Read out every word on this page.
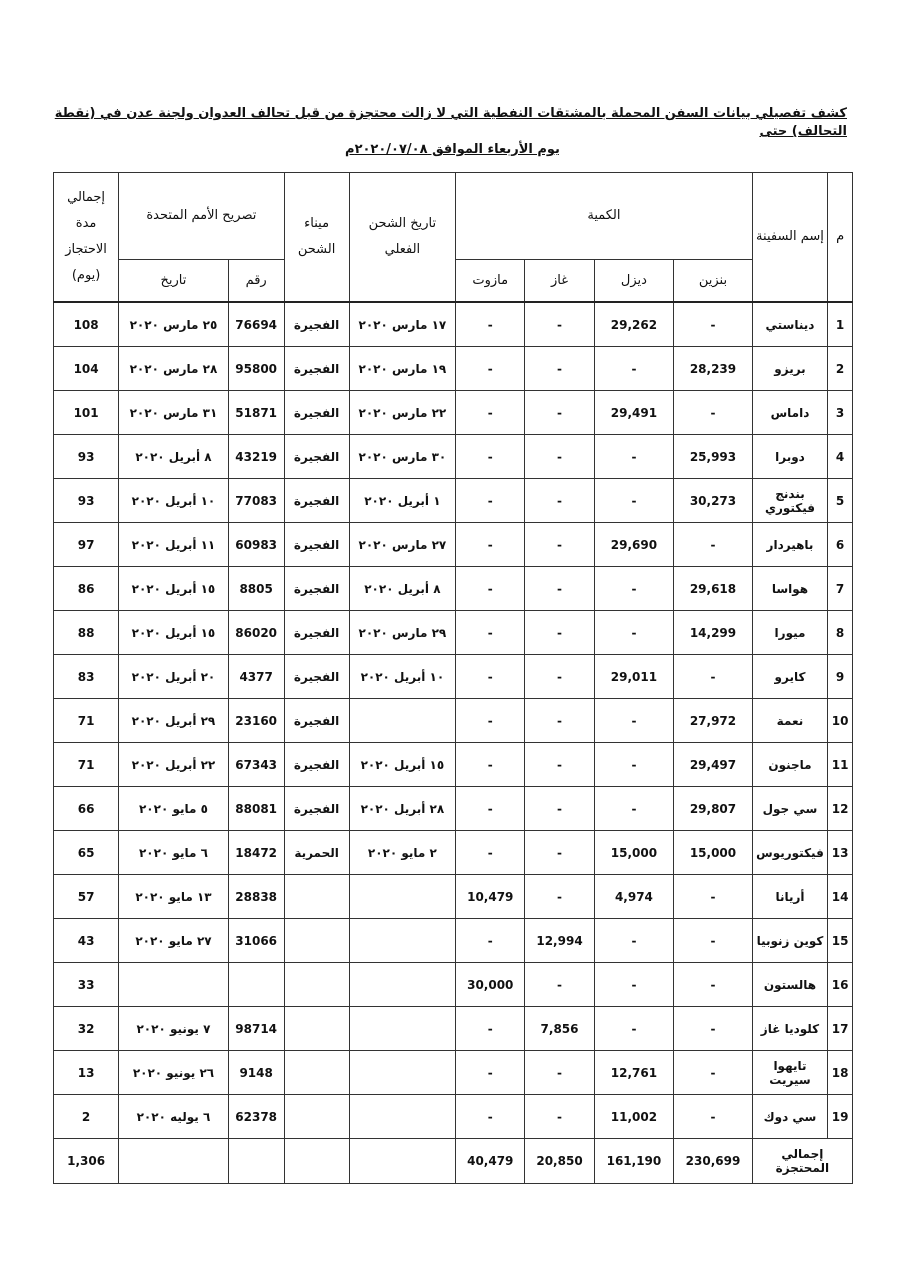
كشف تفصيلي بيانات السفن المحملة بالمشتقات النفطية التي لا زالت محتجزة من قبل تحالف العدوان ولجنة عدن في (نقطة التحالف) حتى
يوم الأربعاء الموافق ٢٠٢٠/٠٧/٠٨م
م	إسم السفينة	الكمية				تاريخ الشحن الفعلي	ميناء الشحن	تصريح الأمم المتحدة		إجمالي مدة الاحتجاز (يوم)

		بنزين	ديزل	غاز	مازوت			رقم	تاريخ	
1	ديناستي	-	29,262	-	-	١٧ مارس ٢٠٢٠	الفجيرة	76694	٢٥ مارس ٢٠٢٠	108
2	بريزو	28,239	-	-	-	١٩ مارس ٢٠٢٠	الفجيرة	95800	٢٨ مارس ٢٠٢٠	104
3	داماس	-	29,491	-	-	٢٢ مارس ٢٠٢٠	الفجيرة	51871	٣١ مارس ٢٠٢٠	101
4	دوبرا	25,993	-	-	-	٣٠ مارس ٢٠٢٠	الفجيرة	43219	٨ أبريل ٢٠٢٠	93
5	بندنج فيكتوري	30,273	-	-	-	١ أبريل ٢٠٢٠	الفجيرة	77083	١٠ أبريل ٢٠٢٠	93
6	باهيردار	-	29,690	-	-	٢٧ مارس ٢٠٢٠	الفجيرة	60983	١١ أبريل ٢٠٢٠	97
7	هواسا	29,618	-	-	-	٨ أبريل ٢٠٢٠	الفجيرة	8805	١٥ أبريل ٢٠٢٠	86
8	ميورا	14,299	-	-	-	٢٩ مارس ٢٠٢٠	الفجيرة	86020	١٥ أبريل ٢٠٢٠	88
9	كايرو	-	29,011	-	-	١٠ أبريل ٢٠٢٠	الفجيرة	4377	٢٠ أبريل ٢٠٢٠	83
10	نعمة	27,972	-	-	-		الفجيرة	23160	٢٩ أبريل ٢٠٢٠	71
11	ماجنون	29,497	-	-	-	١٥ أبريل ٢٠٢٠	الفجيرة	67343	٢٢ أبريل ٢٠٢٠	71
12	سي جول	29,807	-	-	-	٢٨ أبريل ٢٠٢٠	الفجيرة	88081	٥ مايو ٢٠٢٠	66
13	فيكتوريوس	15,000	15,000	-	-	٢ مايو ٢٠٢٠	الحمرية	18472	٦ مايو ٢٠٢٠	65
14	أريانا	-	4,974	-	10,479			28838	١٣ مايو ٢٠٢٠	57
15	كوين زنوبيا	-	-	12,994	-			31066	٢٧ مايو ٢٠٢٠	43
16	هالستون	-	-	-	30,000					33
17	كلوديا غاز	-	-	7,856	-			98714	٧ يونيو ٢٠٢٠	32
18	تايهوا سيريت	-	12,761	-	-			9148	٢٦ يونيو ٢٠٢٠	13
19	سي دوك	-	11,002	-	-			62378	٦ يوليه ٢٠٢٠	2
إجمالي المحتجزة		230,699	161,190	20,850	40,479					1,306
